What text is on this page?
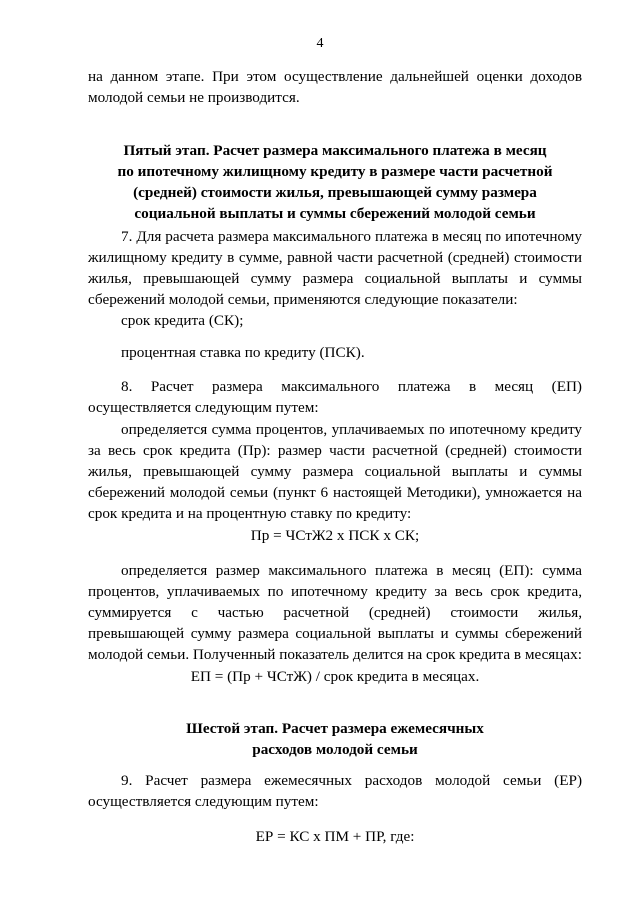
4

на данном этапе. При этом осуществление дальнейшей оценки доходов молодой семьи не производится.

Пятый этап. Расчет размера максимального платежа в месяц
по ипотечному жилищному кредиту в размере части расчетной
(средней) стоимости жилья, превышающей сумму размера
социальной выплаты и суммы сбережений молодой семьи

7. Для расчета размера максимального платежа в месяц по ипотечному жилищному кредиту в сумме, равной части расчетной (средней) стоимости жилья, превышающей сумму размера социальной выплаты и суммы сбережений молодой семьи, применяются следующие показатели:

срок кредита (СК);

процентная ставка по кредиту (ПСК).

8. Расчет размера максимального платежа в месяц (ЕП) осуществляется следующим путем:

определяется сумма процентов, уплачиваемых по ипотечному кредиту за весь срок кредита (Пр): размер части расчетной (средней) стоимости жилья, превышающей сумму размера социальной выплаты и суммы сбережений молодой семьи (пункт 6 настоящей Методики), умножается на срок кредита и на процентную ставку по кредиту:

Пр = ЧСтЖ2 х ПСК х СК;

определяется размер максимального платежа в месяц (ЕП): сумма процентов, уплачиваемых по ипотечному кредиту за весь срок кредита, суммируется с частью расчетной (средней) стоимости жилья, превышающей сумму размера социальной выплаты и суммы сбережений молодой семьи. Полученный показатель делится на срок кредита в месяцах:

ЕП = (Пр + ЧСтЖ) / срок кредита в месяцах.

Шестой этап. Расчет размера ежемесячных
расходов молодой семьи

9. Расчет размера ежемесячных расходов молодой семьи (ЕР) осуществляется следующим путем:

ЕР = КС х ПМ + ПР, где:
